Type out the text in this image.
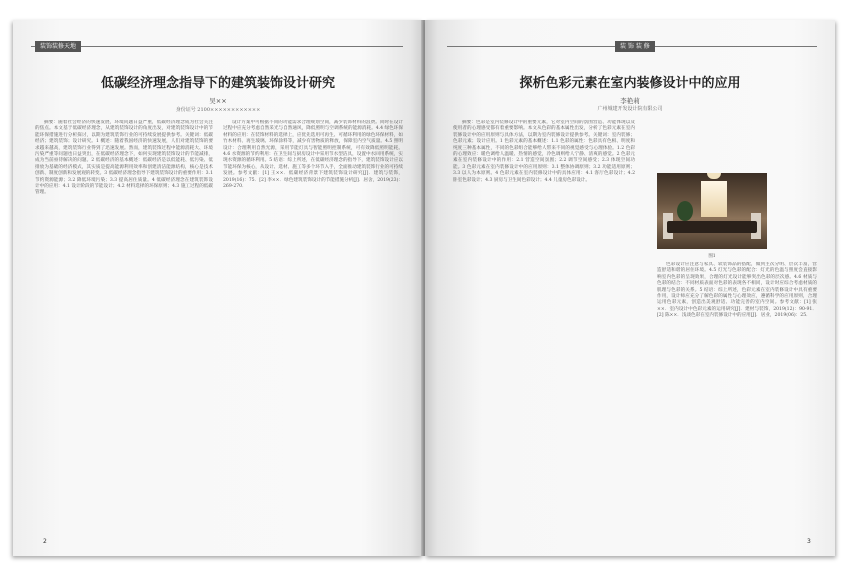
装饰装修天地
低碳经济理念指导下的建筑装饰设计研究
吴××
身份证号 2100××××××××××××

摘要：随着社会经济的快速发展，环境问题日益严重，低碳经济理念成为社会关注的焦点。本文基于低碳经济理念，从建筑装饰设计的角度出发，对建筑装饰设计中的节能环保措施进行分析探讨，以期为建筑装饰行业的可持续发展提供参考。关键词：低碳经济；建筑装饰；设计研究。1 概述：随着我国经济的快速发展，人们对建筑装饰的要求越来越高，建筑装饰行业得到了迅速发展。然而，建筑装饰过程中能源消耗大、环境污染严重等问题也日益突出，在低碳经济理念下，如何实现建筑装饰设计的节能减排，成为当前亟待解决的问题。2 低碳经济的基本概述：低碳经济是以低能耗、低污染、低排放为基础的经济模式，其实质是提高能源利用效率和创建清洁能源结构，核心是技术创新、制度创新和发展观的转变。3 低碳经济理念指导下建筑装饰设计的重要作用：3.1 节约资源能源；3.2 降低环境污染；3.3 提高居住质量。4 低碳经济理念在建筑装饰设计中的应用：4.1 设计阶段的节能设计；4.2 材料选择的环保原则；4.3 施工过程的低碳管理。

设计方案中可根据不同的功能需求合理规划空间，减少装饰材料的浪费。同时在设计过程中应充分考虑自然采光与自然通风，降低照明与空调系统的能源消耗。4.4 绿色环保材料的应用：在装饰材料的选择上，应优先选用可再生、可循环利用的绿色环保材料，如竹木材料、再生玻璃、环保涂料等，减少有害物质的释放，保障室内空气质量。4.5 照明设计：合理利用自然光源，采用节能灯具与智能照明控制系统，可有效降低照明能耗。4.6 水资源的节约利用：在卫生间与厨房设计中采用节水型洁具，设置中水回用系统，实现水资源的循环利用。5 结语：综上所述，在低碳经济理念的指导下，建筑装饰设计应以节能环保为核心，从设计、选材、施工等多个环节入手，全面推动建筑装饰行业的可持续发展。参考文献：[1] 王××．低碳经济背景下建筑装饰设计研究[J]．建筑与装饰，2019(16)：75．[2] 李××．绿色建筑装饰设计的节能措施分析[J]．居舍，2019(23)：269-270．

2
装 饰 装 修
探析色彩元素在室内装修设计中的应用
李艳莉
广州城建开发设计院有限公司

摘要：色彩是室内装修设计中的重要元素，它对室内空间的氛围营造、功能体现以及使用者的心理感受都有着重要影响。本文从色彩的基本属性出发，分析了色彩元素在室内装修设计中的应用原则与具体方法，以期为室内装修设计提供参考。关键词：室内装修；色彩元素；设计应用。1 色彩元素的基本概述：1.1 色彩的属性：色彩具有色相、明度和纯度三种基本属性，不同的色彩组合能够给人带来不同的视觉感受与心理体验。1.2 色彩的心理效应：暖色调给人温暖、热情的感觉，冷色调则给人宁静、清爽的感觉。2 色彩元素在室内装修设计中的作用：2.1 营造空间氛围；2.2 调节空间感受；2.3 体现空间功能。3 色彩元素在室内装修设计中的应用原则：3.1 整体协调原则；3.2 功能适用原则；3.3 以人为本原则。4 色彩元素在室内装修设计中的具体应用：4.1 客厅色彩设计；4.2 卧室色彩设计；4.3 厨房与卫生间色彩设计；4.4 儿童房色彩设计。

图1

色彩设计应注意与家具、软装饰品的搭配，做到主次分明、层次丰富，营造舒适和谐的居住环境。4.5 灯光与色彩的配合：灯光的色温与照度会直接影响室内色彩的呈现效果，合理的灯光设计能够突出色彩的层次感。4.6 材质与色彩的结合：不同材质表面对色彩的表现各不相同，设计时应综合考虑材质的肌理与色彩的关系。5 结语：综上所述，色彩元素在室内装修设计中具有重要作用，设计师应充分了解色彩的属性与心理效应，遵循科学的应用原则，合理运用色彩元素，创造出美观舒适、功能完善的室内空间。参考文献：[1] 张××．室内设计中色彩元素的运用研究[J]．建材与装饰，2019(12)：90-91．[2] 陈××．浅谈色彩在室内装修设计中的应用[J]．居业，2019(06)：25．

3
